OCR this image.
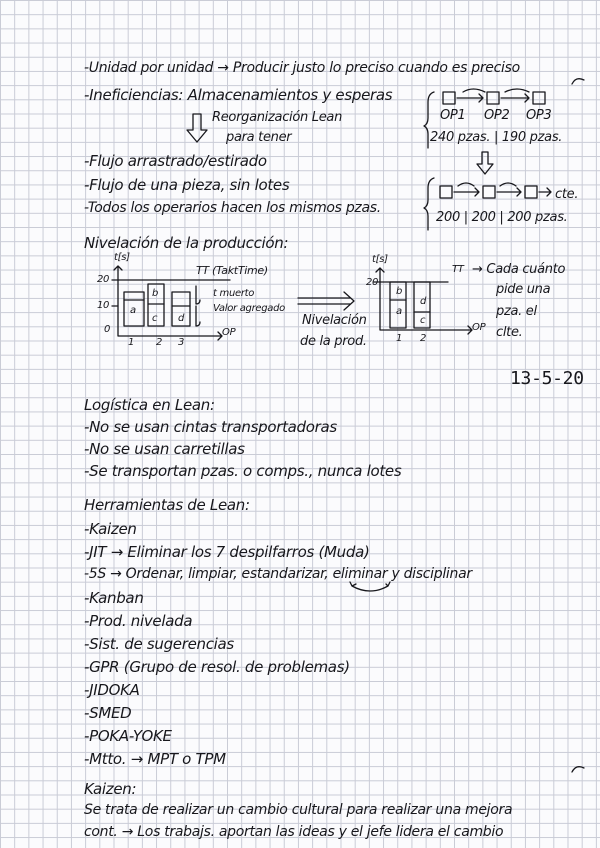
-Unidad por unidad → Producir justo lo preciso cuando es preciso
-Ineficiencias: Almacenamientos y esperas
Reorganización Lean
para tener
-Flujo arrastrado/estirado
-Flujo de una pieza, sin lotes
-Todos los operarios hacen los mismos pzas.
OP1 OP2 OP3
240 pzas. | 190 pzas.
cte.
200 | 200 | 200 pzas.
Nivelación de la producción:
t[s]
TT (TaktTime)
20
10
0
1 2 3
OP
a
b
c d
t muerto
Valor agregado
Nivelación
de la prod.
t[s]
20
TT
b
a
d
c
1 2
OP
→ Cada cuánto
pide una
pza. el
clte.
13-5-20
Logística en Lean:
-No se usan cintas transportadoras
-No se usan carretillas
-Se transportan pzas. o comps., nunca lotes
Herramientas de Lean:
-Kaizen
-JIT → Eliminar los 7 despilfarros (Muda)
-5S → Ordenar, limpiar, estandarizar, eliminar y disciplinar
-Kanban
-Prod. nivelada
-Sist. de sugerencias
-GPR (Grupo de resol. de problemas)
-JIDOKA
-SMED
-POKA-YOKE
-Mtto. → MPT o TPM
Kaizen:
Se trata de realizar un cambio cultural para realizar una mejora
cont. → Los trabajs. aportan las ideas y el jefe lidera el cambio
